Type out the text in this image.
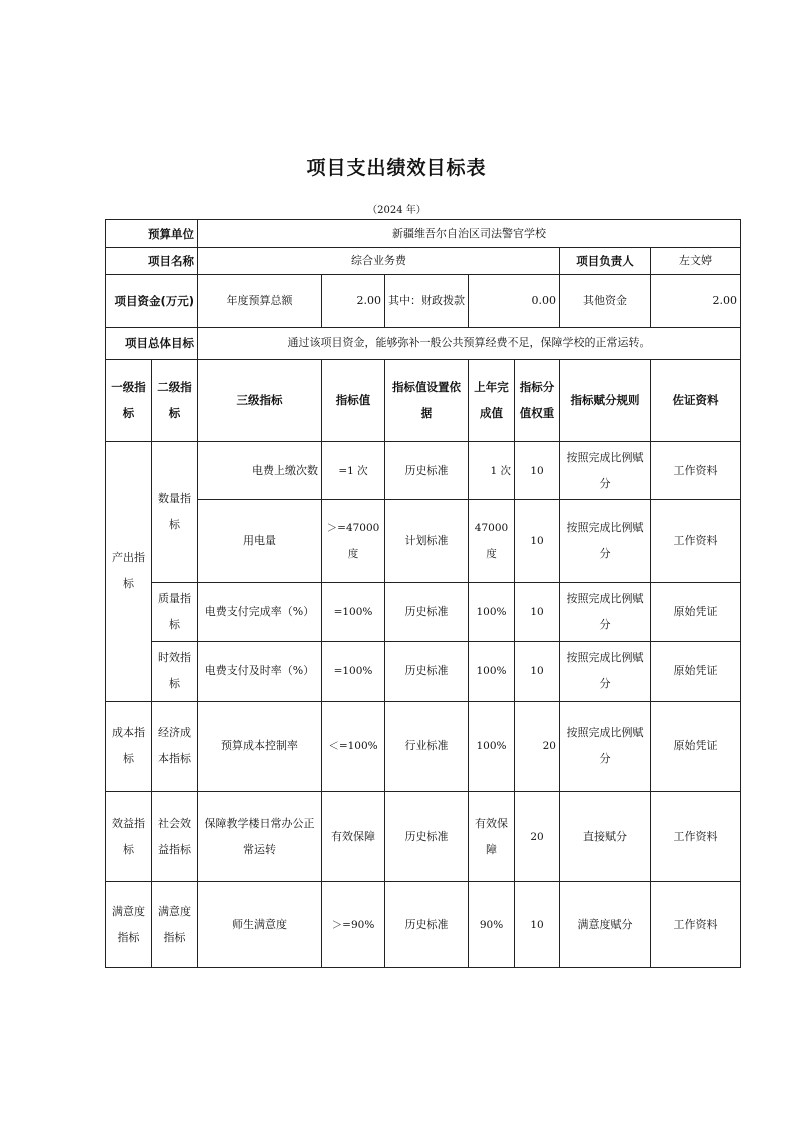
项目支出绩效目标表
（2024 年）
预算单位		新疆维吾尔自治区司法警官学校						
项目名称		综合业务费					项目负责人	左文婷
项目资金(万元)		年度预算总额	2.00	其中：财政拨款	0.00		其他资金	2.00
项目总体目标		通过该项目资金，能够弥补一般公共预算经费不足，保障学校的正常运转。						
一级指标	二级指标	三级指标	指标值	指标值设置依据	上年完成值	指标分值权重	指标赋分规则	佐证资料
产出指标	数量指标	电费上缴次数	=1 次	历史标准	1 次	10	按照完成比例赋分	工作资料
		用电量	＞=47000度	计划标准	47000度	10	按照完成比例赋分	工作资料
	质量指标	电费支付完成率（%）	=100%	历史标准	100%	10	按照完成比例赋分	原始凭证
	时效指标	电费支付及时率（%）	=100%	历史标准	100%	10	按照完成比例赋分	原始凭证
成本指标	经济成本指标	预算成本控制率	＜=100%	行业标准	100%	20	按照完成比例赋分	原始凭证
效益指标	社会效益指标	保障教学楼日常办公正常运转	有效保障	历史标准	有效保障	20	直接赋分	工作资料
满意度指标	满意度指标	师生满意度	＞=90%	历史标准	90%	10	满意度赋分	工作资料
